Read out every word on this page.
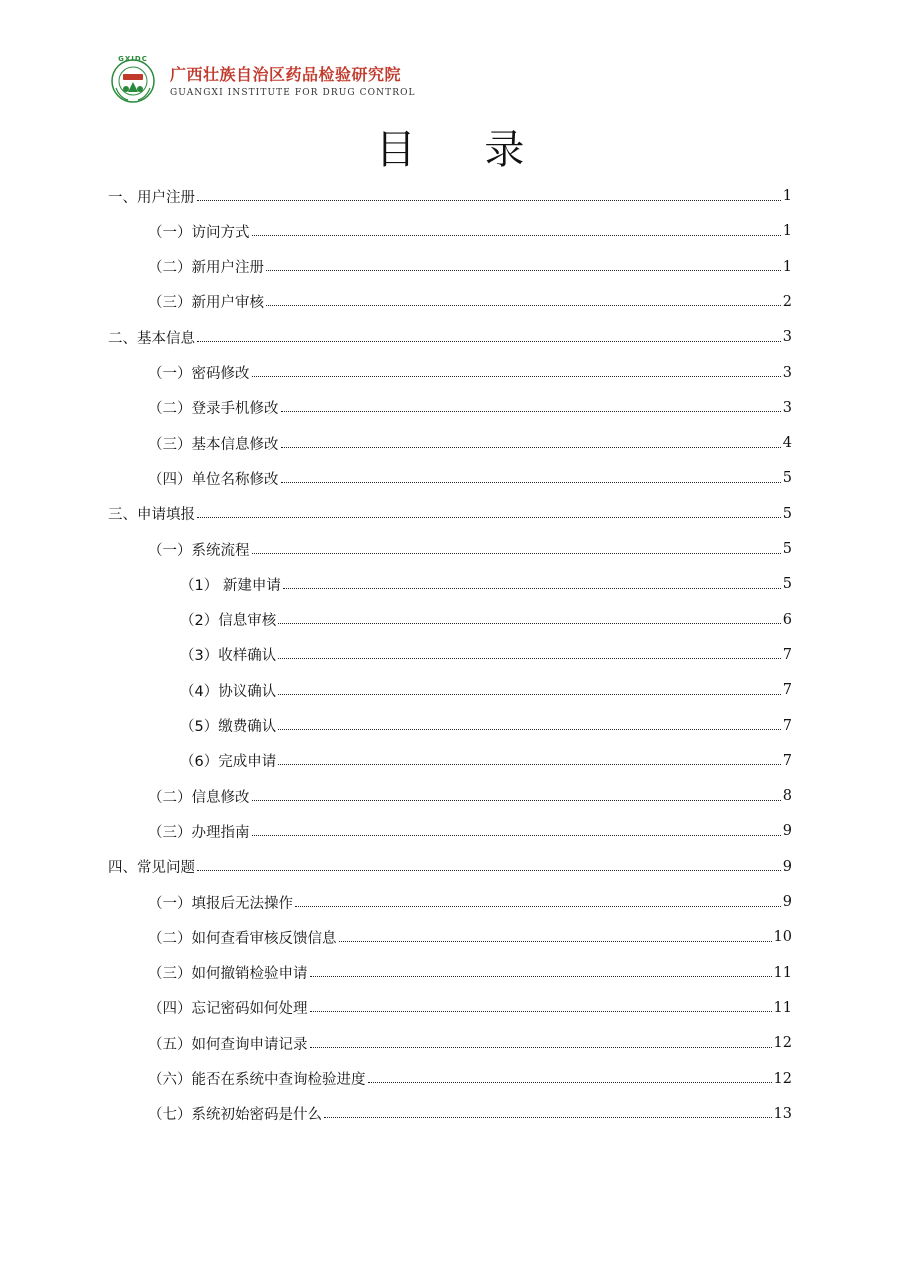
GXIDC
广西壮族自治区药品检验研究院
GUANGXI INSTITUTE FOR DRUG CONTROL
目 录
一、用户注册	1
（一）访问方式	1
（二）新用户注册	1
（三）新用户审核	2
二、基本信息	3
（一）密码修改	3
（二）登录手机修改	3
（三）基本信息修改	4
（四）单位名称修改	5
三、申请填报	5
（一）系统流程	5
（1） 新建申请	5
（2）信息审核	6
（3）收样确认	7
（4）协议确认	7
（5）缴费确认	7
（6）完成申请	7
（二）信息修改	8
（三）办理指南	9
四、常见问题	9
（一）填报后无法操作	9
（二）如何查看审核反馈信息	10
（三）如何撤销检验申请	11
（四）忘记密码如何处理	11
（五）如何查询申请记录	12
（六）能否在系统中查询检验进度	12
（七）系统初始密码是什么	13
